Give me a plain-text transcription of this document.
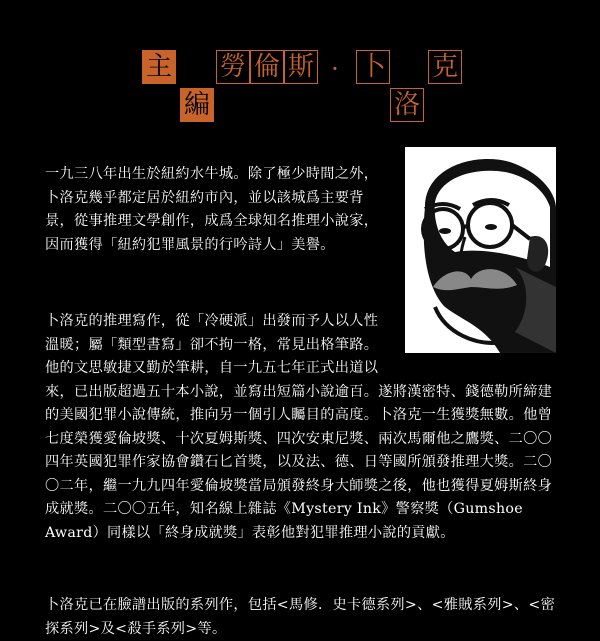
主
編
勞 倫 斯 · 卜
洛
克

一九三八年出生於紐約水牛城。除了極少時間之外，卜洛克幾乎都定居於紐約市內，並以該城爲主要背景，從事推理文學創作，成爲全球知名推理小說家，因而獲得「紐約犯罪風景的行吟詩人」美譽。

卜洛克的推理寫作，從「冷硬派」出發而予人以人性溫暖；屬「類型書寫」卻不拘一格，常見出格筆路。他的文思敏捷又勤於筆耕，自一九五七年正式出道以來，已出版超過五十本小說，並寫出短篇小說逾百。遂將漢密特、錢德勒所締建的美國犯罪小說傳統，推向另一個引人矚目的高度。卜洛克一生獲獎無數。他曾七度榮獲愛倫坡獎、十次夏姆斯獎、四次安東尼獎、兩次馬爾他之鷹獎、二〇〇四年英國犯罪作家協會鑽石匕首獎，以及法、德、日等國所頒發推理大獎。二〇〇二年，繼一九九四年愛倫坡獎當局頒發終身大師獎之後，他也獲得夏姆斯終身成就獎。二〇〇五年，知名線上雜誌《Mystery Ink》警察獎（Gumshoe Award）同樣以「終身成就獎」表彰他對犯罪推理小說的貢獻。

卜洛克已在臉譜出版的系列作，包括<馬修．史卡德系列>、<雅賊系列>、<密探系列>及<殺手系列>等。
